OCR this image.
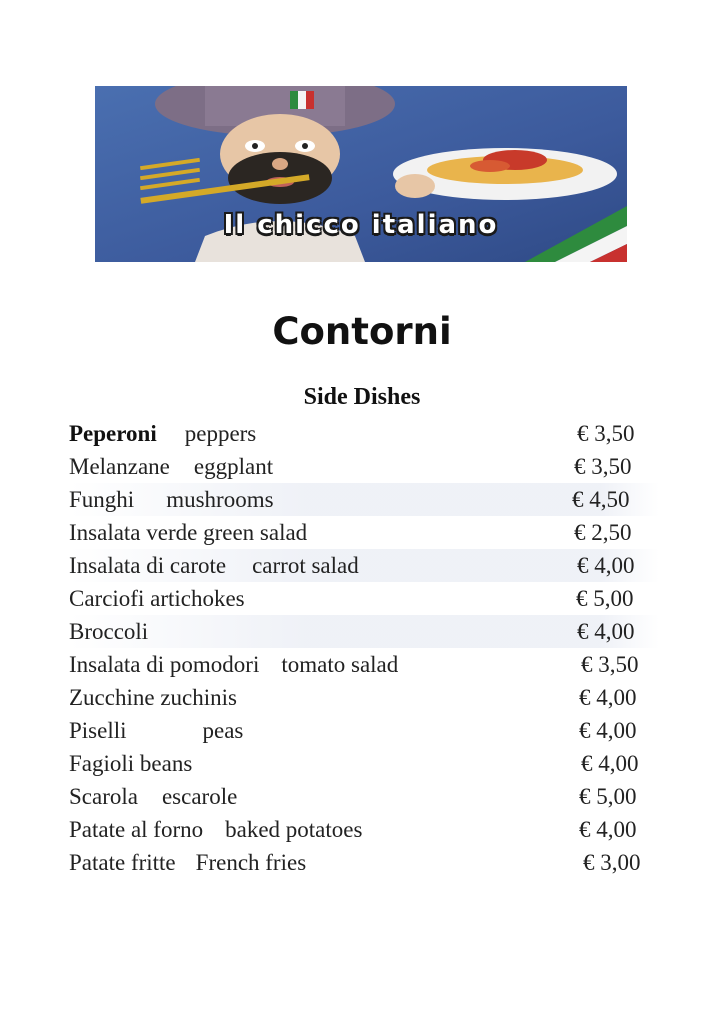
Il chicco italiano
Contorni
Side Dishes
Peperoni peppers	€ 3,50
Melanzane eggplant	€ 3,50
Funghi mushrooms	€ 4,50
Insalata verde green salad	€ 2,50
Insalata di carote carrot salad	€ 4,00
Carciofi artichokes	€ 5,00
Broccoli	€ 4,00
Insalata di pomodori tomato salad	€ 3,50
Zucchine zuchinis	€ 4,00
Piselli	peas	€ 4,00
Fagioli beans	€ 4,00
Scarola escarole	€ 5,00
Patate al forno baked potatoes	€ 4,00
Patate fritte French fries	€ 3,00
